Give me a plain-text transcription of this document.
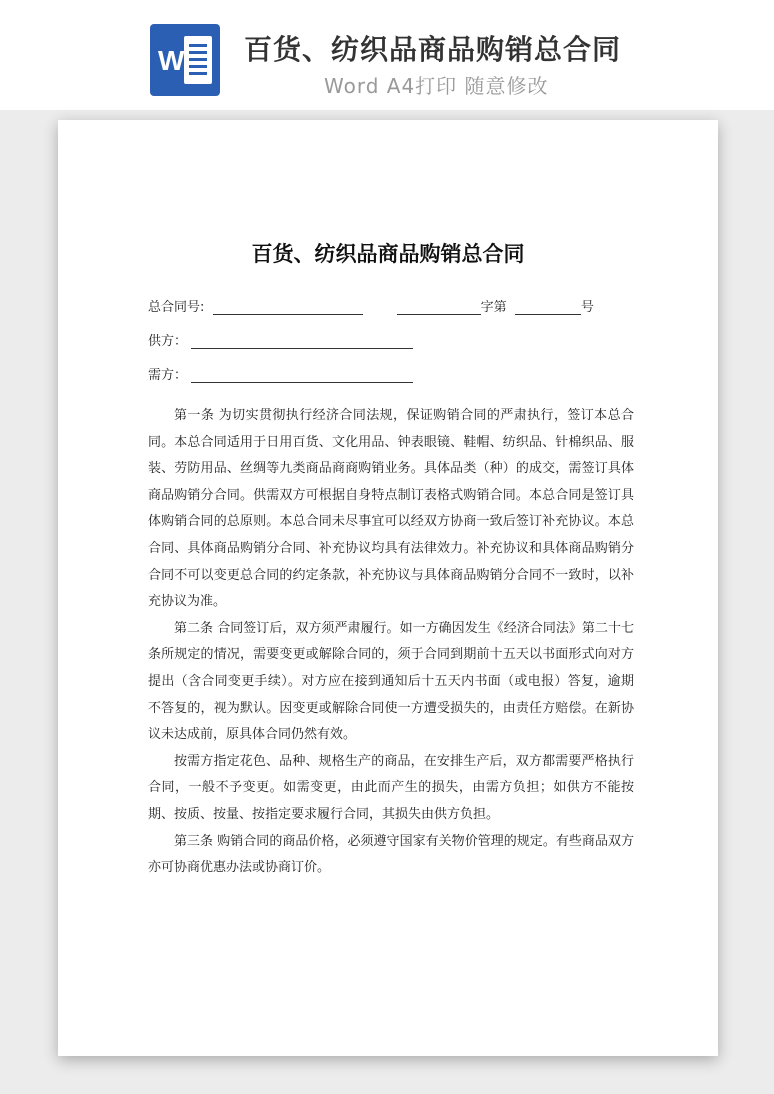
W 百货、纺织品商品购销总合同
Word A4打印 随意修改
百货、纺织品商品购销总合同
总合同号:	字第	号
供方：
需方：

第一条 为切实贯彻执行经济合同法规，保证购销合同的严肃执行，签订本总合同。本总合同适用于日用百货、文化用品、钟表眼镜、鞋帽、纺织品、针棉织品、服装、劳防用品、丝绸等九类商品商商购销业务。具体品类（种）的成交，需签订具体商品购销分合同。供需双方可根据自身特点制订表格式购销合同。本总合同是签订具体购销合同的总原则。本总合同未尽事宜可以经双方协商一致后签订补充协议。本总合同、具体商品购销分合同、补充协议均具有法律效力。补充协议和具体商品购销分合同不可以变更总合同的约定条款，补充协议与具体商品购销分合同不一致时，以补充协议为准。

第二条 合同签订后，双方须严肃履行。如一方确因发生《经济合同法》第二十七条所规定的情况，需要变更或解除合同的，须于合同到期前十五天以书面形式向对方提出（含合同变更手续）。对方应在接到通知后十五天内书面（或电报）答复，逾期不答复的，视为默认。因变更或解除合同使一方遭受损失的，由责任方赔偿。在新协议未达成前，原具体合同仍然有效。

按需方指定花色、品种、规格生产的商品，在安排生产后，双方都需要严格执行合同，一般不予变更。如需变更，由此而产生的损失，由需方负担；如供方不能按期、按质、按量、按指定要求履行合同，其损失由供方负担。

第三条 购销合同的商品价格，必须遵守国家有关物价管理的规定。有些商品双方亦可协商优惠办法或协商订价。
